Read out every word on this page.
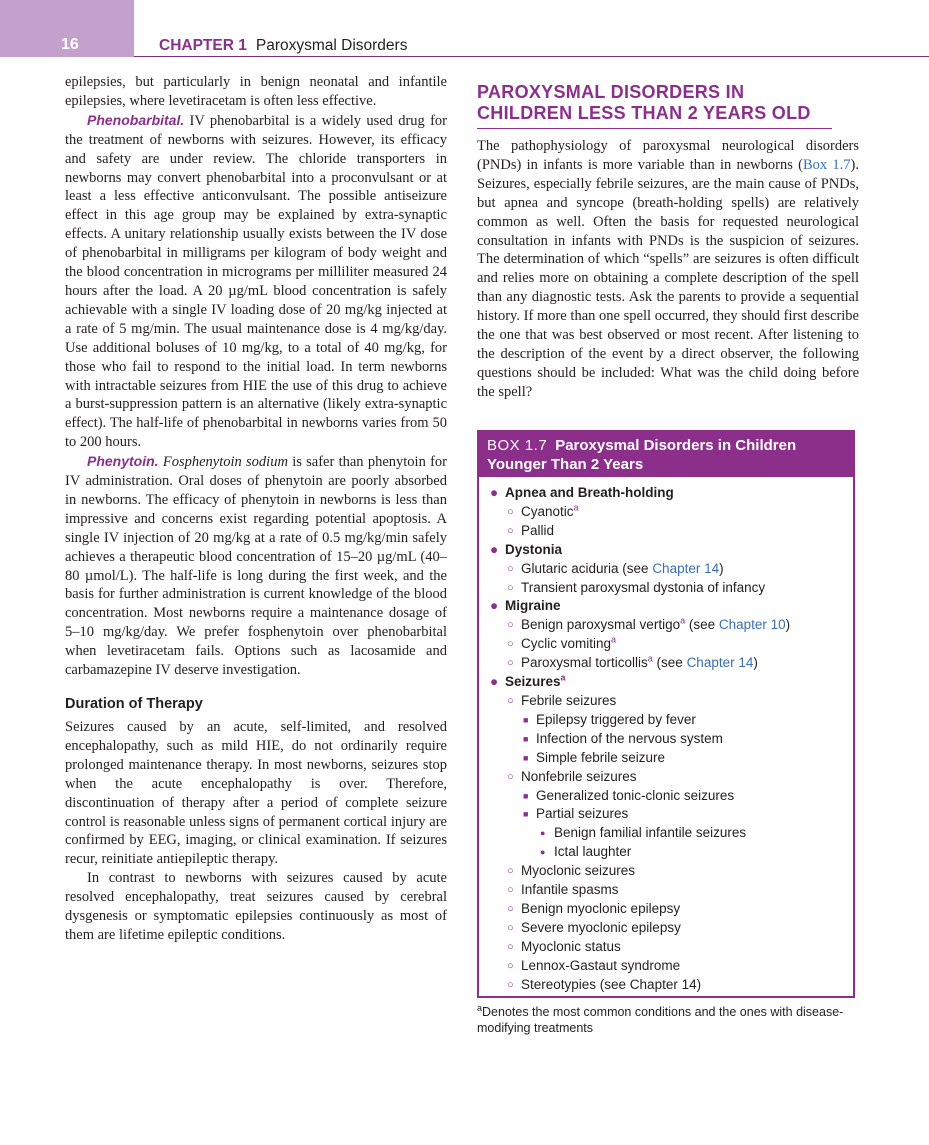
16	CHAPTER 1 Paroxysmal Disorders

epilepsies, but particularly in benign neonatal and infantile epilepsies, where levetiracetam is often less effective.

Phenobarbital. IV phenobarbital is a widely used drug for the treatment of newborns with seizures. However, its efficacy and safety are under review. The chloride transporters in newborns may convert phenobarbital into a proconvulsant or at least a less effective anticonvulsant. The possible antiseizure effect in this age group may be explained by extra-synaptic effects. A unitary relationship usually exists between the IV dose of phenobarbital in milligrams per kilogram of body weight and the blood concentration in micrograms per milliliter measured 24 hours after the load. A 20 µg/mL blood concentration is safely achievable with a single IV loading dose of 20 mg/kg injected at a rate of 5 mg/min. The usual maintenance dose is 4 mg/kg/day. Use additional boluses of 10 mg/kg, to a total of 40 mg/kg, for those who fail to respond to the initial load. In term newborns with intractable seizures from HIE the use of this drug to achieve a burst-suppression pattern is an alternative (likely extra-synaptic effect). The half-life of phenobarbital in newborns varies from 50 to 200 hours.

Phenytoin. Fosphenytoin sodium is safer than phenytoin for IV administration. Oral doses of phenytoin are poorly absorbed in newborns. The efficacy of phenytoin in newborns is less than impressive and concerns exist regarding potential apoptosis. A single IV injection of 20 mg/kg at a rate of 0.5 mg/kg/min safely achieves a therapeutic blood concentration of 15–20 µg/mL (40–80 µmol/L). The half-life is long during the first week, and the basis for further administration is current knowledge of the blood concentration. Most newborns require a maintenance dosage of 5–10 mg/kg/day. We prefer fosphenytoin over phenobarbital when levetiracetam fails. Options such as lacosamide and carbamazepine IV deserve investigation.

Duration of Therapy

Seizures caused by an acute, self-limited, and resolved encephalopathy, such as mild HIE, do not ordinarily require prolonged maintenance therapy. In most newborns, seizures stop when the acute encephalopathy is over. Therefore, discontinuation of therapy after a period of complete seizure control is reasonable unless signs of permanent cortical injury are confirmed by EEG, imaging, or clinical examination. If seizures recur, reinitiate antiepileptic therapy.

In contrast to newborns with seizures caused by acute resolved encephalopathy, treat seizures caused by cerebral dysgenesis or symptomatic epilepsies continuously as most of them are lifetime epileptic conditions.

PAROXYSMAL DISORDERS IN CHILDREN LESS THAN 2 YEARS OLD

The pathophysiology of paroxysmal neurological disorders (PNDs) in infants is more variable than in newborns (Box 1.7). Seizures, especially febrile seizures, are the main cause of PNDs, but apnea and syncope (breath-holding spells) are relatively common as well. Often the basis for requested neurological consultation in infants with PNDs is the suspicion of seizures. The determination of which “spells” are seizures is often difficult and relies more on obtaining a complete description of the spell than any diagnostic tests. Ask the parents to provide a sequential history. If more than one spell occurred, they should first describe the one that was best observed or most recent. After listening to the description of the event by a direct observer, the following questions should be included: What was the child doing before the spell?

BOX 1.7 Paroxysmal Disorders in Children Younger Than 2 Years
● Apnea and Breath-holding
○ Cyanotic$^a$
○ Pallid
● Dystonia
○ Glutaric aciduria (see Chapter 14)
○ Transient paroxysmal dystonia of infancy
● Migraine
○ Benign paroxysmal vertigo$^a$ (see Chapter 10)
○ Cyclic vomiting$^a$
○ Paroxysmal torticollis$^a$ (see Chapter 14)
● Seizures$^a$
○ Febrile seizures
■ Epilepsy triggered by fever
■ Infection of the nervous system
■ Simple febrile seizure
○ Nonfebrile seizures
■ Generalized tonic-clonic seizures
■ Partial seizures
● Benign familial infantile seizures
● Ictal laughter
○ Myoclonic seizures
○ Infantile spasms
○ Benign myoclonic epilepsy
○ Severe myoclonic epilepsy
○ Myoclonic status
○ Lennox-Gastaut syndrome
○ Stereotypies (see Chapter 14)
$^a$Denotes the most common conditions and the ones with disease-modifying treatments
